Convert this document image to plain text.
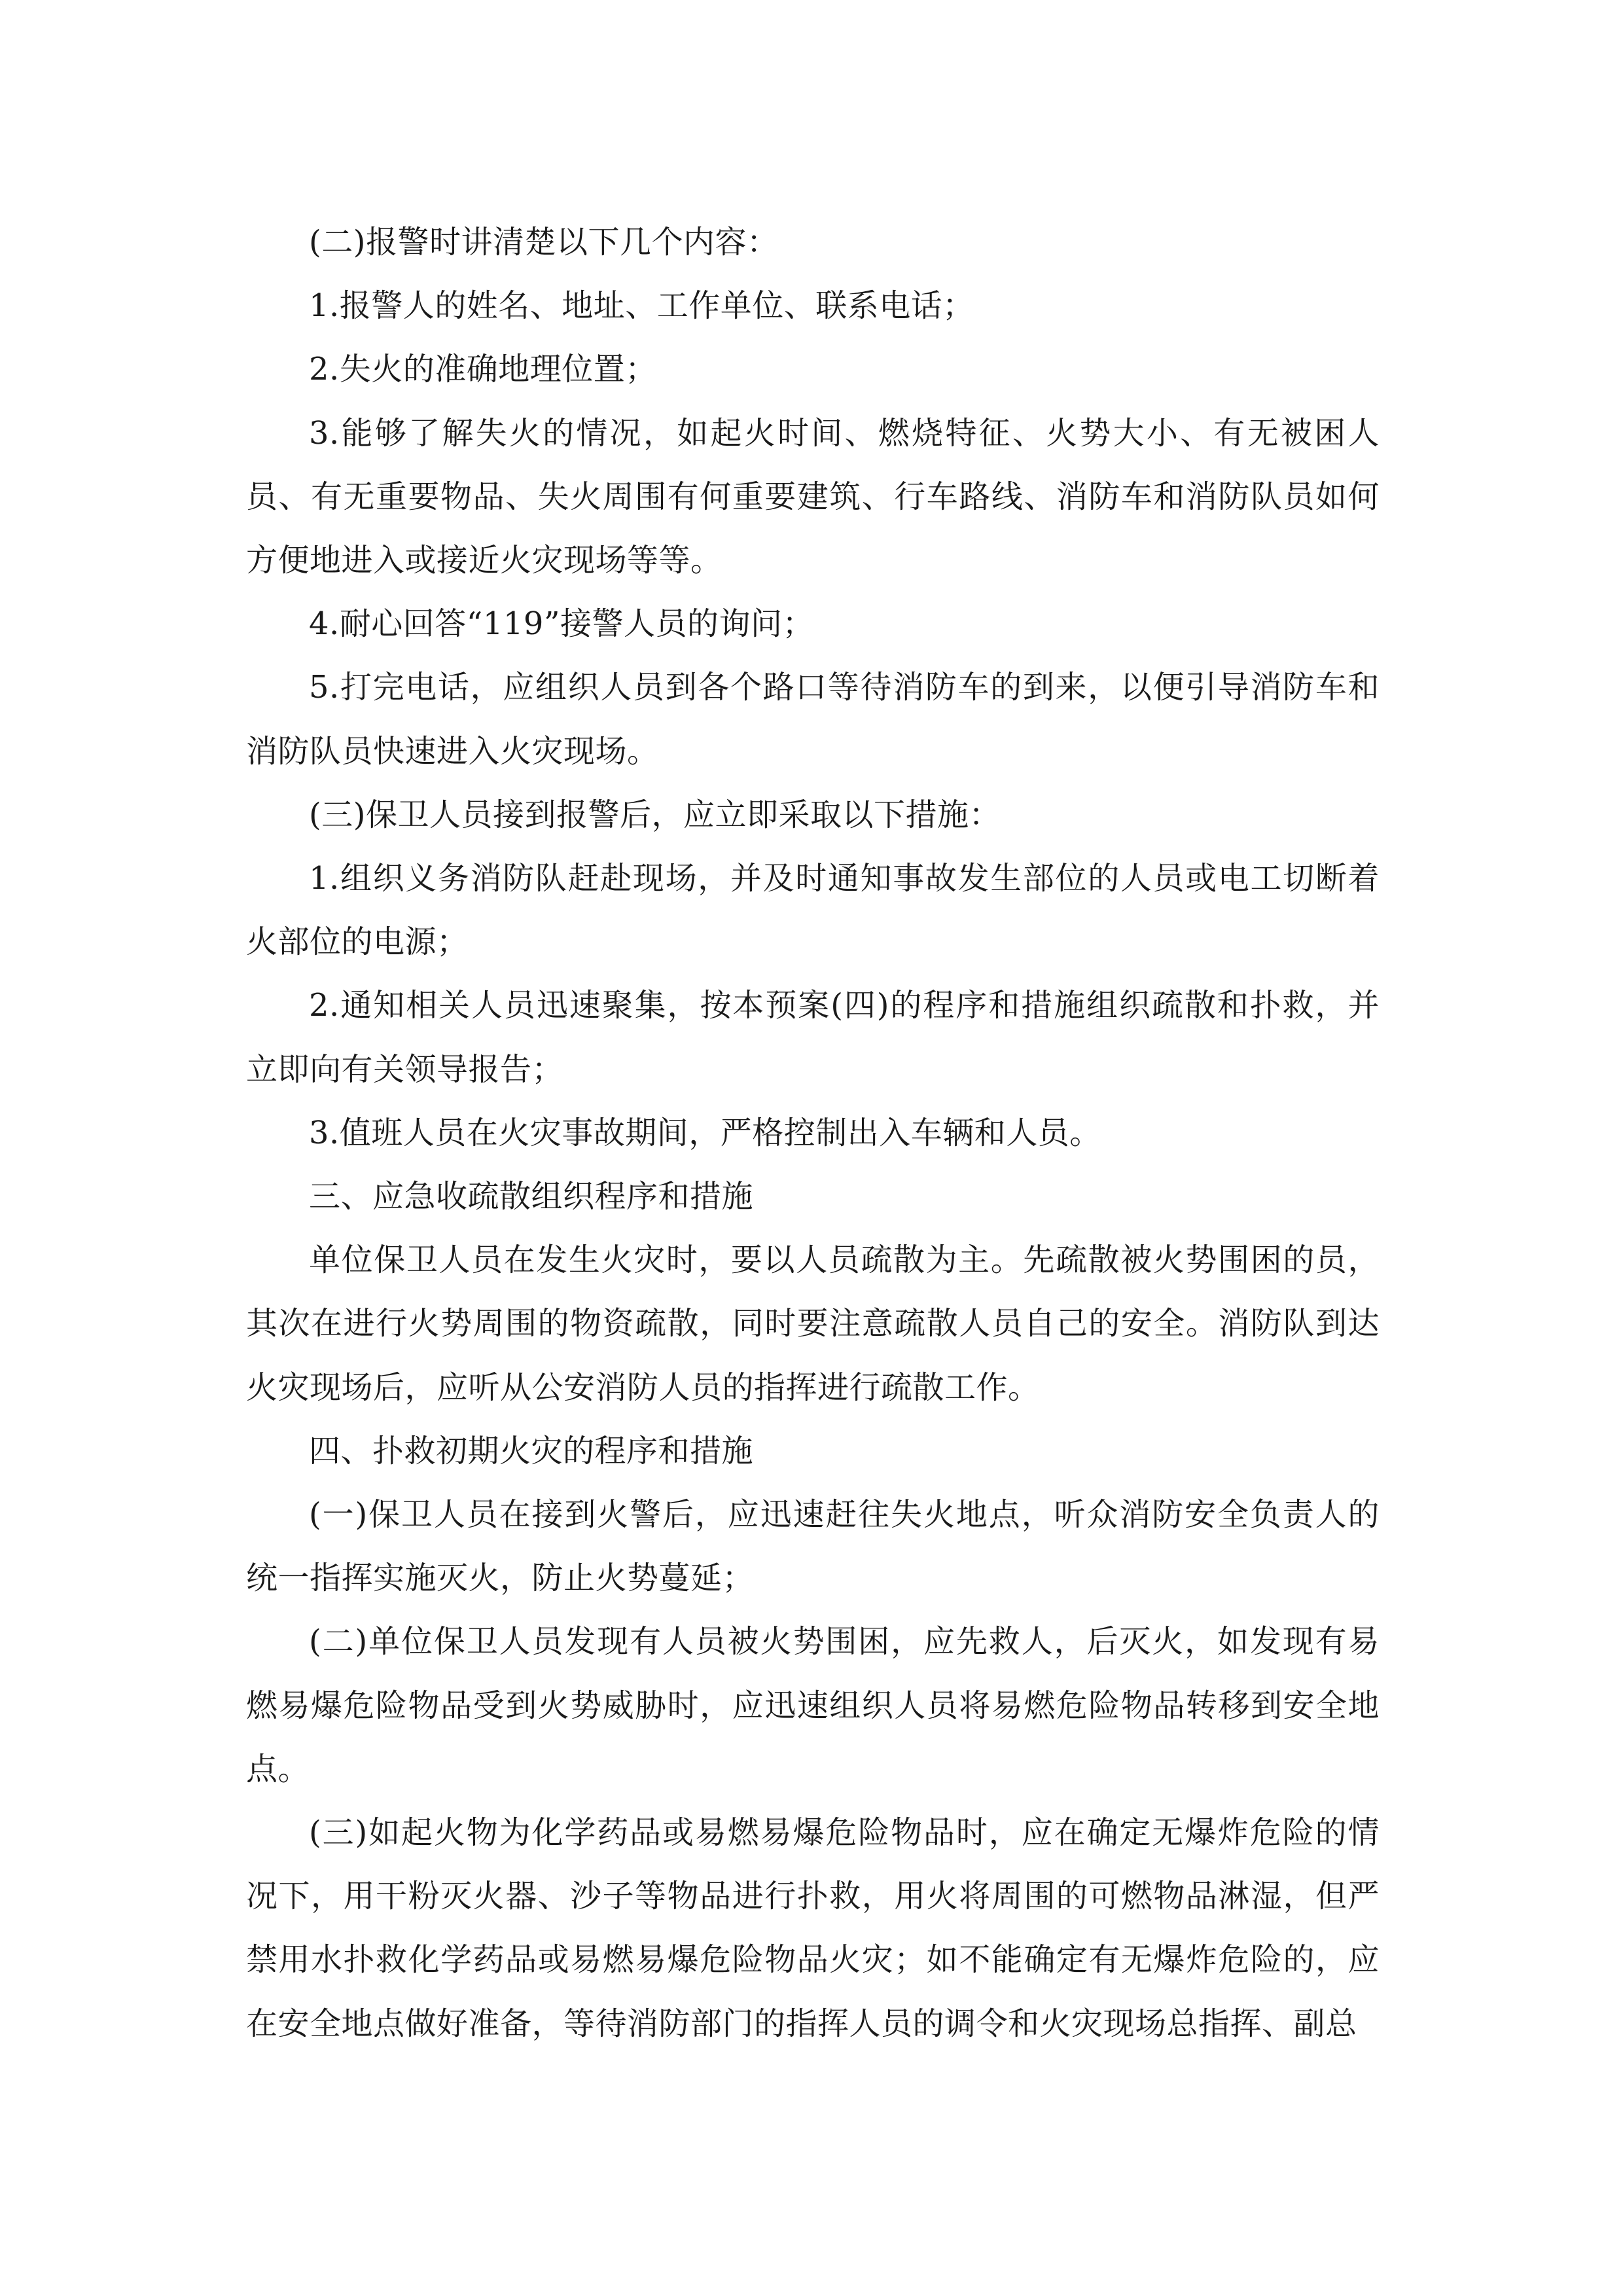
(二)报警时讲清楚以下几个内容：

1.报警人的姓名、地址、工作单位、联系电话；

2.失火的准确地理位置；

3.能够了解失火的情况，如起火时间、燃烧特征、火势大小、有无被困人员、有无重要物品、失火周围有何重要建筑、行车路线、消防车和消防队员如何方便地进入或接近火灾现场等等。

4.耐心回答“119”接警人员的询问；

5.打完电话，应组织人员到各个路口等待消防车的到来，以便引导消防车和消防队员快速进入火灾现场。

(三)保卫人员接到报警后，应立即采取以下措施：

1.组织义务消防队赶赴现场，并及时通知事故发生部位的人员或电工切断着火部位的电源；

2.通知相关人员迅速聚集，按本预案(四)的程序和措施组织疏散和扑救，并立即向有关领导报告；

3.值班人员在火灾事故期间，严格控制出入车辆和人员。

三、应急收疏散组织程序和措施

单位保卫人员在发生火灾时，要以人员疏散为主。先疏散被火势围困的员，其次在进行火势周围的物资疏散，同时要注意疏散人员自己的安全。消防队到达火灾现场后，应听从公安消防人员的指挥进行疏散工作。

四、扑救初期火灾的程序和措施

(一)保卫人员在接到火警后，应迅速赶往失火地点，听众消防安全负责人的统一指挥实施灭火，防止火势蔓延；

(二)单位保卫人员发现有人员被火势围困，应先救人，后灭火，如发现有易燃易爆危险物品受到火势威胁时，应迅速组织人员将易燃危险物品转移到安全地点。

(三)如起火物为化学药品或易燃易爆危险物品时，应在确定无爆炸危险的情况下，用干粉灭火器、沙子等物品进行扑救，用火将周围的可燃物品淋湿，但严禁用水扑救化学药品或易燃易爆危险物品火灾；如不能确定有无爆炸危险的，应在安全地点做好准备，等待消防部门的指挥人员的调令和火灾现场总指挥、副总
